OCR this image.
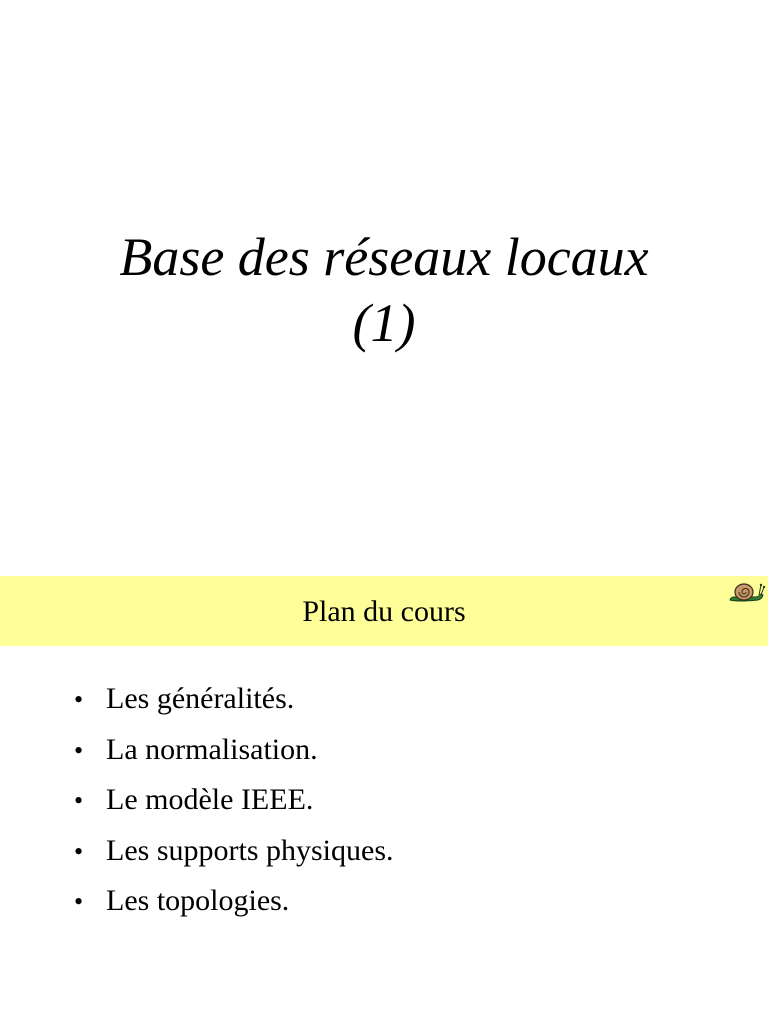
Base des réseaux locaux
(1)
Plan du cours
• Les généralités.
• La normalisation.
• Le modèle IEEE.
• Les supports physiques.
• Les topologies.
